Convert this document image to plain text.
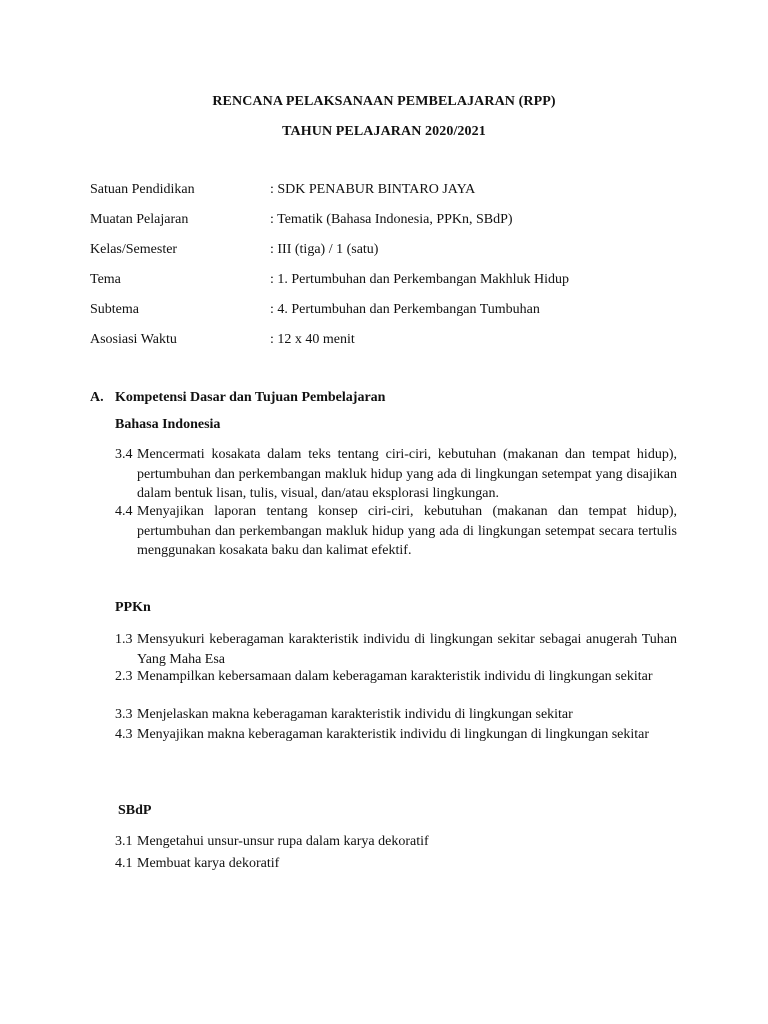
RENCANA PELAKSANAAN PEMBELAJARAN (RPP)
TAHUN PELAJARAN 2020/2021
Satuan Pendidikan	: SDK PENABUR BINTARO JAYA
Muatan Pelajaran	: Tematik (Bahasa Indonesia, PPKn, SBdP)
Kelas/Semester	: III (tiga) / 1 (satu)
Tema	: 1. Pertumbuhan dan Perkembangan Makhluk Hidup
Subtema	: 4. Pertumbuhan dan Perkembangan Tumbuhan
Asosiasi Waktu	: 12 x 40 menit
A. Kompetensi Dasar dan Tujuan Pembelajaran
Bahasa Indonesia
3.4 Mencermati kosakata dalam teks tentang ciri-ciri, kebutuhan (makanan dan tempat hidup), pertumbuhan dan perkembangan makluk hidup yang ada di lingkungan setempat yang disajikan dalam bentuk lisan, tulis, visual, dan/atau eksplorasi lingkungan.
4.4 Menyajikan laporan tentang konsep ciri-ciri, kebutuhan (makanan dan tempat hidup), pertumbuhan dan perkembangan makluk hidup yang ada di lingkungan setempat secara tertulis menggunakan kosakata baku dan kalimat efektif.
PPKn
1.3 Mensyukuri keberagaman karakteristik individu di lingkungan sekitar sebagai anugerah Tuhan Yang Maha Esa
2.3 Menampilkan kebersamaan dalam keberagaman karakteristik individu di lingkungan sekitar
3.3 Menjelaskan makna keberagaman karakteristik individu di lingkungan sekitar
4.3 Menyajikan makna keberagaman karakteristik individu di lingkungan di lingkungan sekitar
SBdP
3.1 Mengetahui unsur-unsur rupa dalam karya dekoratif
4.1 Membuat karya dekoratif
